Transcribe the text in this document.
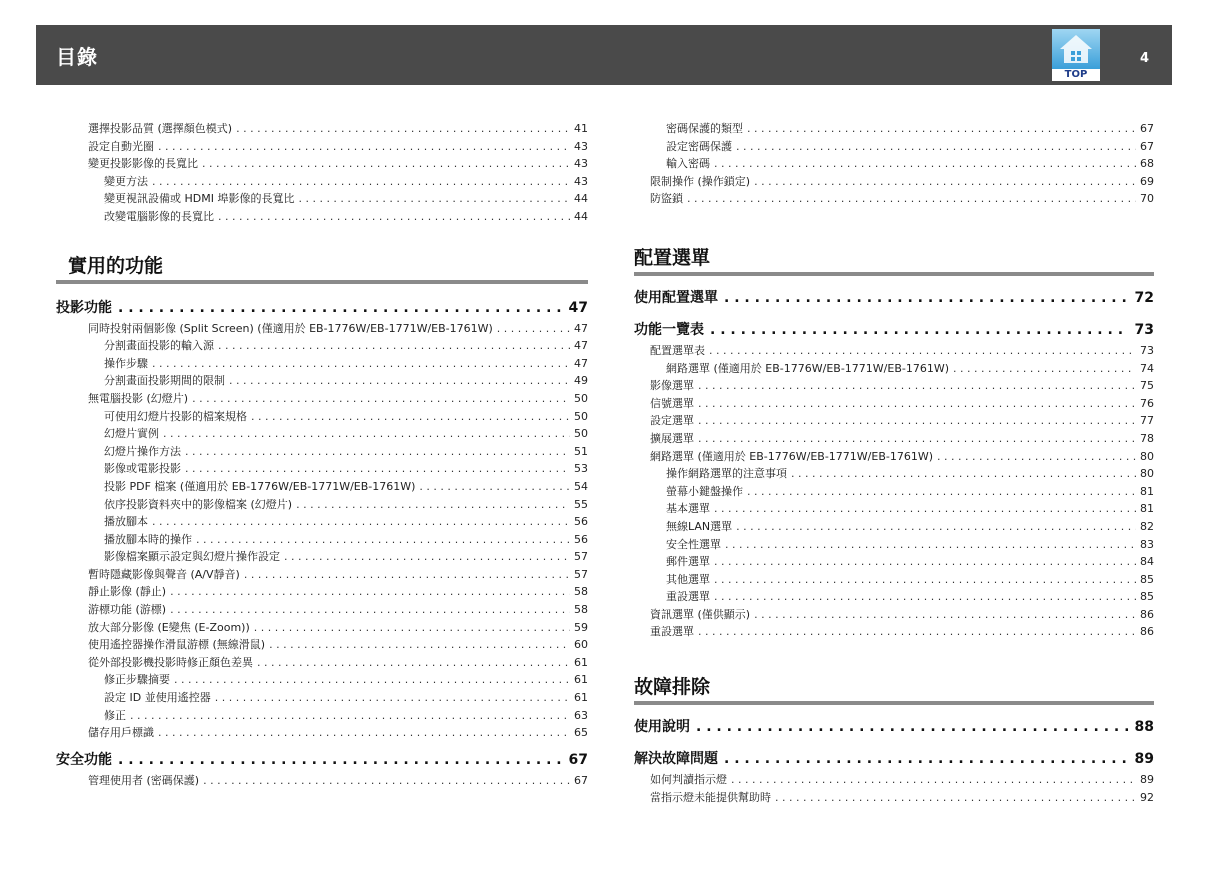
目錄
TOP
4
選擇投影品質 (選擇顏色模式) . . .	41
設定自動光圈 . . .	43
變更投影影像的長寬比 . . .	43
變更方法 . . .	43
變更視訊設備或 HDMI 埠影像的長寬比 . . .	44
改變電腦影像的長寬比 . . .	44
實用的功能
投影功能 . . .	47
同時投射兩個影像 (Split Screen) (僅適用於 EB-1776W/EB-1771W/EB-1761W) . . .	47
分割畫面投影的輸入源 . . .	47
操作步驟 . . .	47
分割畫面投影期間的限制 . . .	49
無電腦投影 (幻燈片) . . .	50
可使用幻燈片投影的檔案規格 . . .	50
幻燈片實例 . . .	50
幻燈片操作方法 . . .	51
影像或電影投影 . . .	53
投影 PDF 檔案 (僅適用於 EB-1776W/EB-1771W/EB-1761W) . . .	54
依序投影資料夾中的影像檔案 (幻燈片) . . .	55
播放腳本 . . .	56
播放腳本時的操作 . . .	56
影像檔案顯示設定與幻燈片操作設定 . . .	57
暫時隱藏影像與聲音 (A/V靜音) . . .	57
靜止影像 (靜止) . . .	58
游標功能 (游標) . . .	58
放大部分影像 (E變焦 (E-Zoom)) . . .	59
使用遙控器操作滑鼠游標 (無線滑鼠) . . .	60
從外部投影機投影時修正顏色差異 . . .	61
修正步驟摘要 . . .	61
設定 ID 並使用遙控器 . . .	61
修正 . . .	63
儲存用戶標識 . . .	65
安全功能 . . .	67
管理使用者 (密碼保護) . . .	67
密碼保護的類型 . . .	67
設定密碼保護 . . .	67
輸入密碼 . . .	68
限制操作 (操作鎖定) . . .	69
防盜鎖 . . .	70
配置選單
使用配置選單 . . .	72
功能一覽表 . . .	73
配置選單表 . . .	73
網路選單 (僅適用於 EB-1776W/EB-1771W/EB-1761W) . . .	74
影像選單 . . .	75
信號選單 . . .	76
設定選單 . . .	77
擴展選單 . . .	78
網路選單 (僅適用於 EB-1776W/EB-1771W/EB-1761W) . . .	80
操作網路選單的注意事項 . . .	80
螢幕小鍵盤操作 . . .	81
基本選單 . . .	81
無線LAN選單 . . .	82
安全性選單 . . .	83
郵件選單 . . .	84
其他選單 . . .	85
重設選單 . . .	85
資訊選單 (僅供顯示) . . .	86
重設選單 . . .	86
故障排除
使用說明 . . .	88
解決故障問題 . . .	89
如何判讀指示燈 . . .	89
當指示燈未能提供幫助時 . . .	92
